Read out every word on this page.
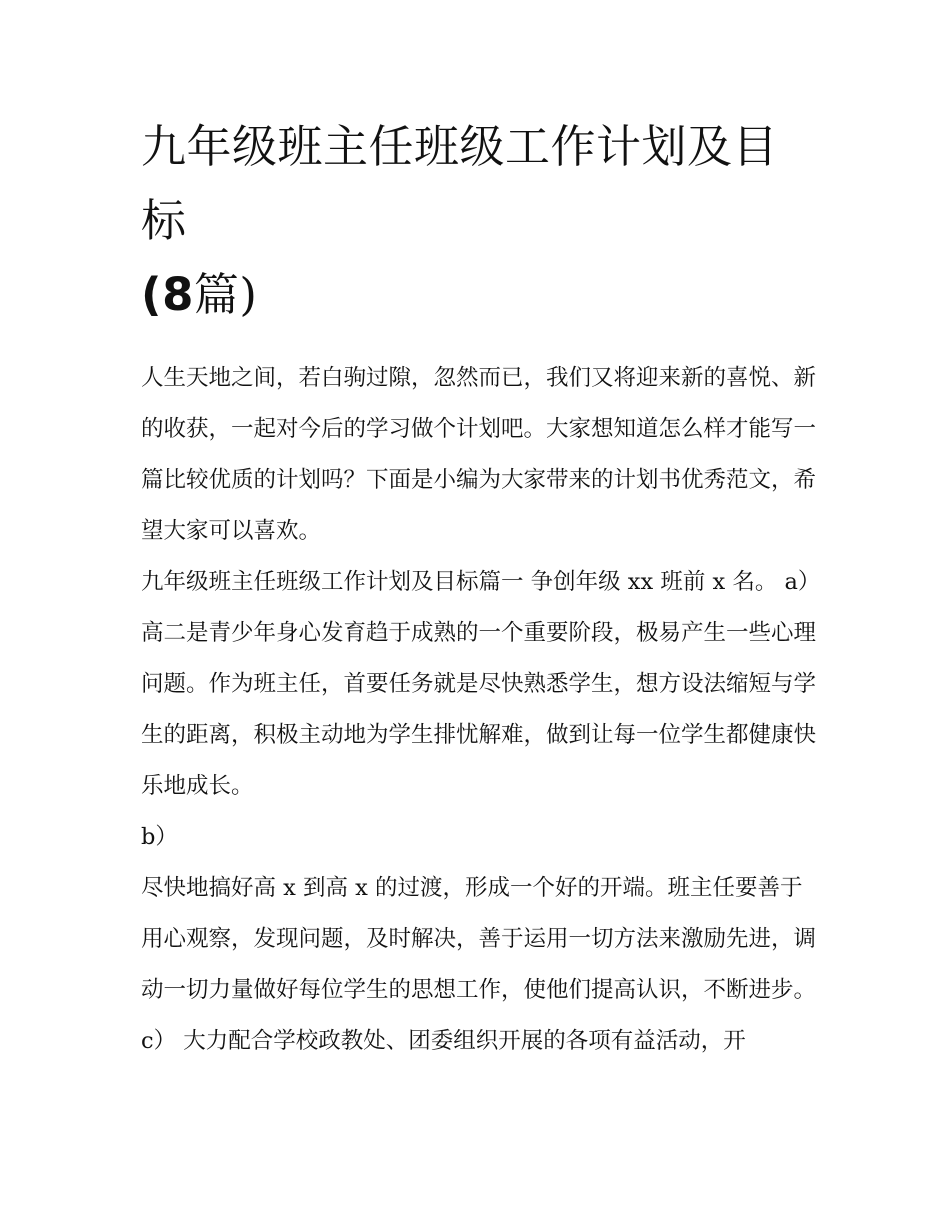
九年级班主任班级工作计划及目标
(8篇)

人生天地之间，若白驹过隙，忽然而已，我们又将迎来新的喜悦、新的收获，一起对今后的学习做个计划吧。大家想知道怎么样才能写一篇比较优质的计划吗？下面是小编为大家带来的计划书优秀范文，希望大家可以喜欢。

九年级班主任班级工作计划及目标篇一 争创年级 xx 班前 x 名。 a）

高二是青少年身心发育趋于成熟的一个重要阶段，极易产生一些心理问题。作为班主任，首要任务就是尽快熟悉学生，想方设法缩短与学生的距离，积极主动地为学生排忧解难，做到让每一位学生都健康快乐地成长。

b）

尽快地搞好高 x 到高 x 的过渡，形成一个好的开端。班主任要善于用心观察，发现问题，及时解决，善于运用一切方法来激励先进，调动一切力量做好每位学生的思想工作，使他们提高认识，不断进步。

c） 大力配合学校政教处、团委组织开展的各项有益活动，开
